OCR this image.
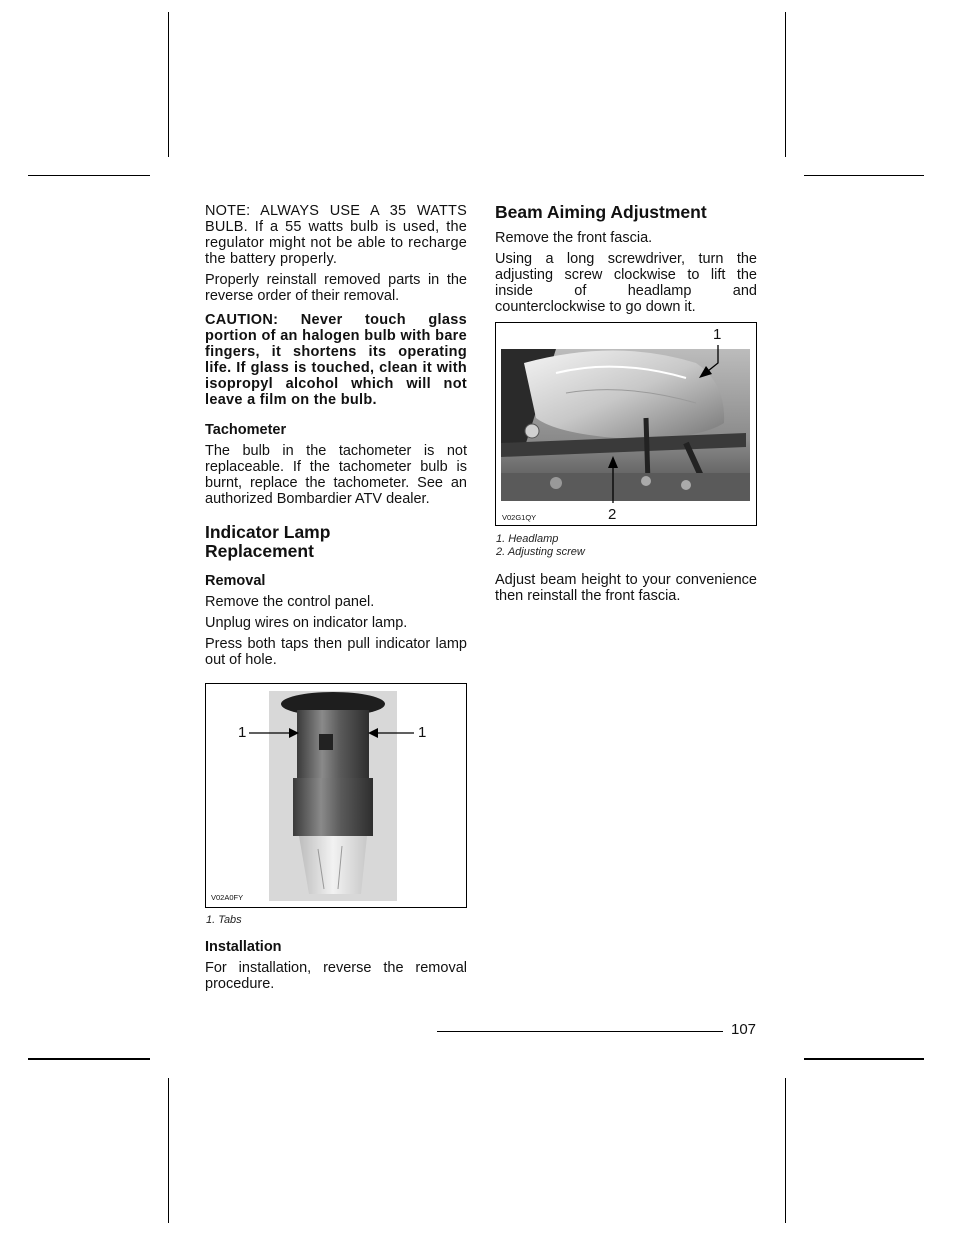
NOTE: ALWAYS USE A 35 WATTS BULB. If a 55 watts bulb is used, the regulator might not be able to recharge the battery properly.

Properly reinstall removed parts in the reverse order of their removal.

CAUTION: Never touch glass portion of an halogen bulb with bare fingers, it shortens its operating life. If glass is touched, clean it with isopropyl alcohol which will not leave a film on the bulb.

Tachometer

The bulb in the tachometer is not replaceable. If the tachometer bulb is burnt, replace the tachometer. See an authorized Bombardier ATV dealer.

Indicator Lamp Replacement
Removal

Remove the control panel.

Unplug wires on indicator lamp.

Press both taps then pull indicator lamp out of hole.

1	1
V02A0FY
1. Tabs
Installation

For installation, reverse the removal procedure.

Beam Aiming Adjustment

Remove the front fascia.

Using a long screwdriver, turn the adjusting screw clockwise to lift the inside of headlamp and counterclockwise to go down it.

1
2
V02G1QY
1. Headlamp
2. Adjusting screw

Adjust beam height to your convenience then reinstall the front fascia.

107
